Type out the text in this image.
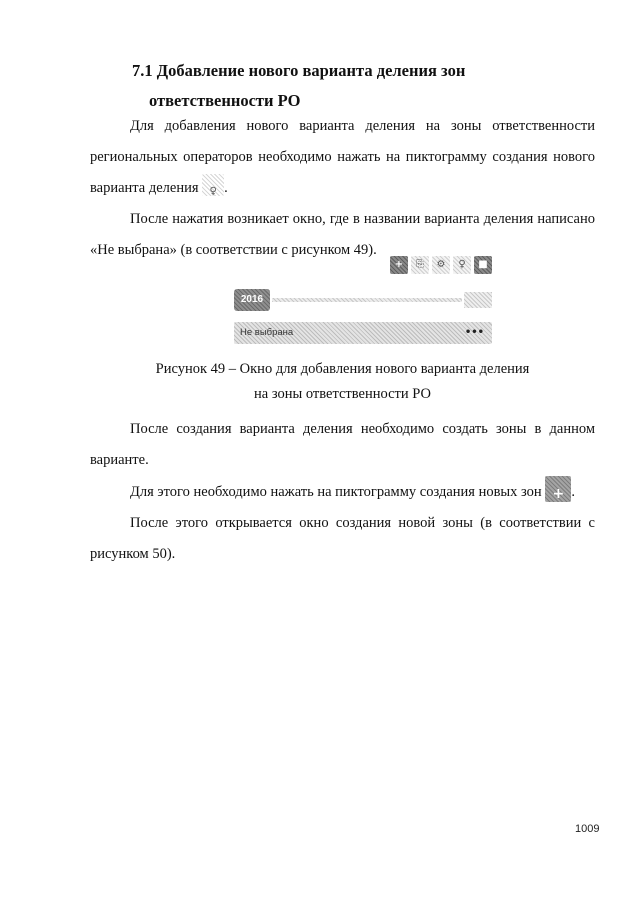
7.1 Добавление нового варианта деления зон
ответственности РО
Для добавления нового варианта деления на зоны ответственности региональных операторов необходимо нажать на пиктограмму создания нового варианта деления	♀ .
После нажатия возникает окно, где в названии варианта деления написано «Не выбрана» (в соответствии с рисунком 49).
+	⎘	⚙	♀	■
2016
Не выбрана	•••
Рисунок 49 – Окно для добавления нового варианта деления
на зоны ответственности РО
После создания варианта деления необходимо создать зоны в данном варианте.
Для этого необходимо нажать на пиктограмму создания новых зон + .
После этого открывается окно создания новой зоны (в соответствии с рисунком 50).
1009
